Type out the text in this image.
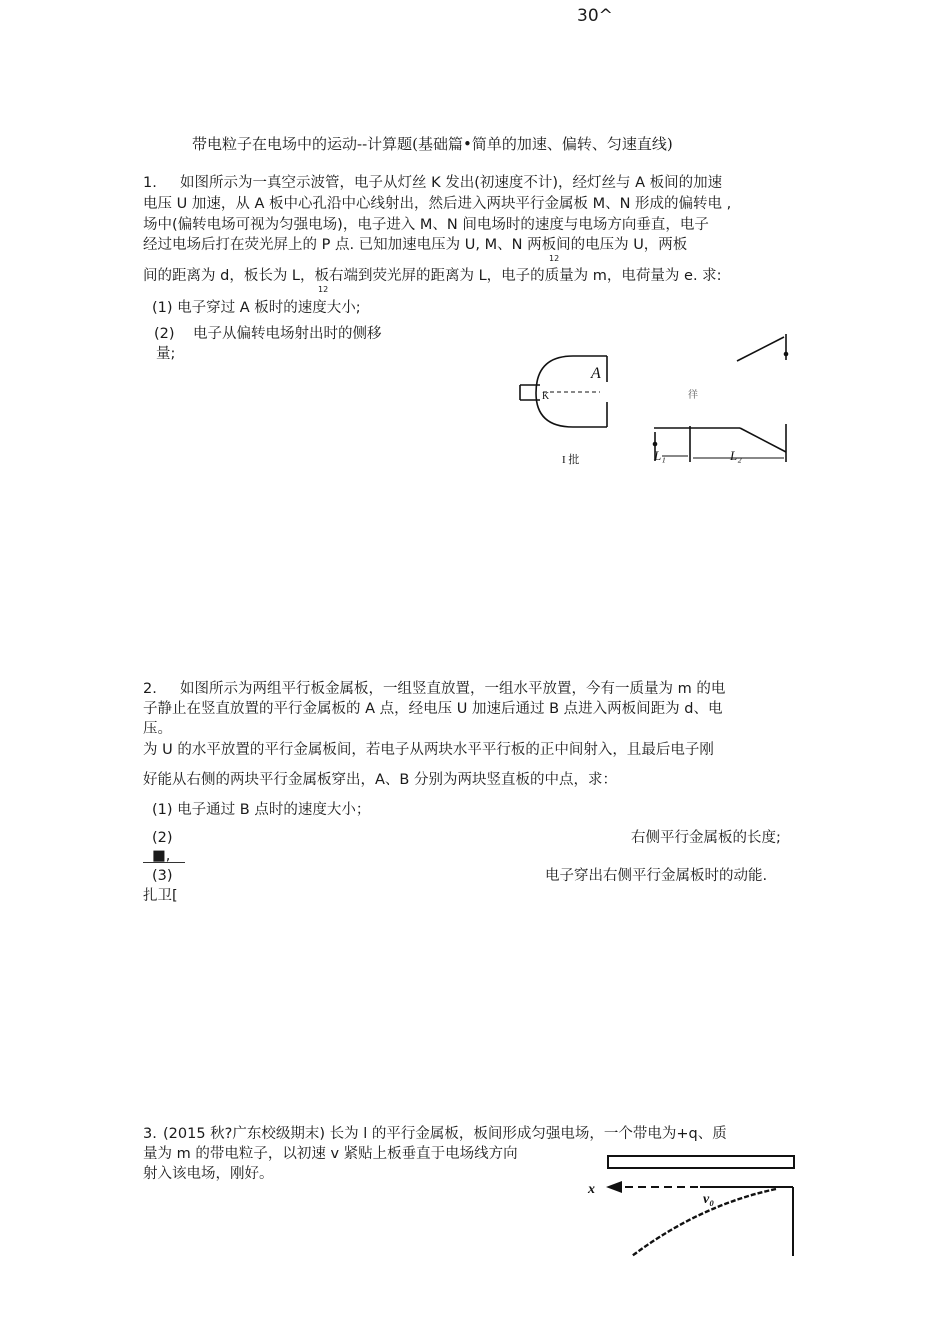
30^
带电粒子在电场中的运动--计算题(基础篇•简单的加速、偏转、匀速直线)
1. 如图所示为一真空示波管，电子从灯丝 K 发出(初速度不计)，经灯丝与 A 板间的加速
电压 U 加速，从 A 板中心孔沿中心线射出，然后进入两块平行金属板 M、N 形成的偏转电 ,
场中(偏转电场可视为匀强电场)，电子进入 M、N 间电场时的速度与电场方向垂直，电子
经过电场后打在荧光屏上的 P 点. 已知加速电压为 U, M、N 两板间的电压为 U，两板
12
间的距离为 d，板长为 L，板右端到荧光屏的距离为 L，电子的质量为 m，电荷量为 e. 求:
12
(1) 电子穿过 A 板时的速度大小;
(2) 电子从偏转电场射出时的侧移
量;
A
K	徉
I 批	L₁	L₂
2. 如图所示为两组平行板金属板，一组竖直放置，一组水平放置，今有一质量为 m 的电
子静止在竖直放置的平行金属板的 A 点，经电压 U 加速后通过 B 点进入两板间距为 d、电
压。
为 U 的水平放置的平行金属板间，若电子从两块水平平行板的正中间射入，且最后电子刚
好能从右侧的两块平行金属板穿出，A、B 分别为两块竖直板的中点，求：
(1) 电子通过 B 点时的速度大小；
(2)	右侧平行金属板的长度;
■,
(3)	电子穿出右侧平行金属板时的动能.
扎卫[
3. (2015 秋?广东校级期末) 长为 l 的平行金属板，板间形成匀强电场，一个带电为+q、质
量为 m 的带电粒子，以初速 v 紧贴上板垂直于电场线方向
射入该电场，刚好。
x
v₀
